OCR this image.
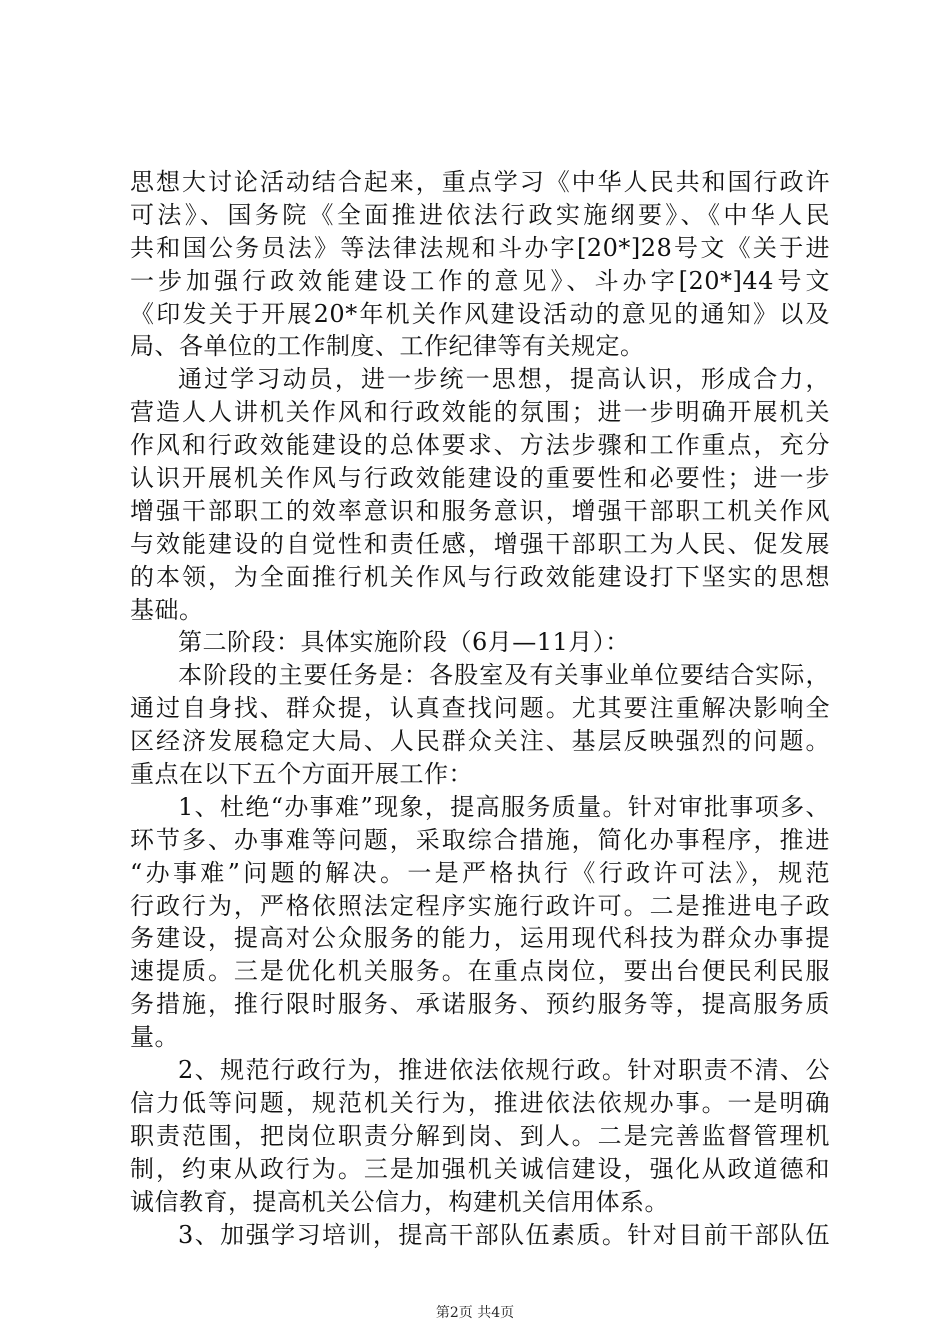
思想大讨论活动结合起来，重点学习《中华人民共和国行政许
可法》、国务院《全面推进依法行政实施纲要》、《中华人民
共和国公务员法》等法律法规和斗办字[20*]28号文《关于进
一步加强行政效能建设工作的意见》、斗办字[20*]44号文
《印发关于开展20*年机关作风建设活动的意见的通知》以及
局、各单位的工作制度、工作纪律等有关规定。
通过学习动员，进一步统一思想，提高认识，形成合力，
营造人人讲机关作风和行政效能的氛围；进一步明确开展机关
作风和行政效能建设的总体要求、方法步骤和工作重点，充分
认识开展机关作风与行政效能建设的重要性和必要性；进一步
增强干部职工的效率意识和服务意识，增强干部职工机关作风
与效能建设的自觉性和责任感，增强干部职工为人民、促发展
的本领，为全面推行机关作风与行政效能建设打下坚实的思想
基础。
第二阶段：具体实施阶段（6月—11月）：
本阶段的主要任务是：各股室及有关事业单位要结合实际，
通过自身找、群众提，认真查找问题。尤其要注重解决影响全
区经济发展稳定大局、人民群众关注、基层反映强烈的问题。
重点在以下五个方面开展工作：
1、杜绝“办事难”现象，提高服务质量。针对审批事项多、
环节多、办事难等问题，采取综合措施，简化办事程序，推进
“办事难”问题的解决。一是严格执行《行政许可法》，规范
行政行为，严格依照法定程序实施行政许可。二是推进电子政
务建设，提高对公众服务的能力，运用现代科技为群众办事提
速提质。三是优化机关服务。在重点岗位，要出台便民利民服
务措施，推行限时服务、承诺服务、预约服务等，提高服务质
量。
2、规范行政行为，推进依法依规行政。针对职责不清、公
信力低等问题，规范机关行为，推进依法依规办事。一是明确
职责范围，把岗位职责分解到岗、到人。二是完善监督管理机
制，约束从政行为。三是加强机关诚信建设，强化从政道德和
诚信教育，提高机关公信力，构建机关信用体系。
3、加强学习培训，提高干部队伍素质。针对目前干部队伍
第2页 共4页
